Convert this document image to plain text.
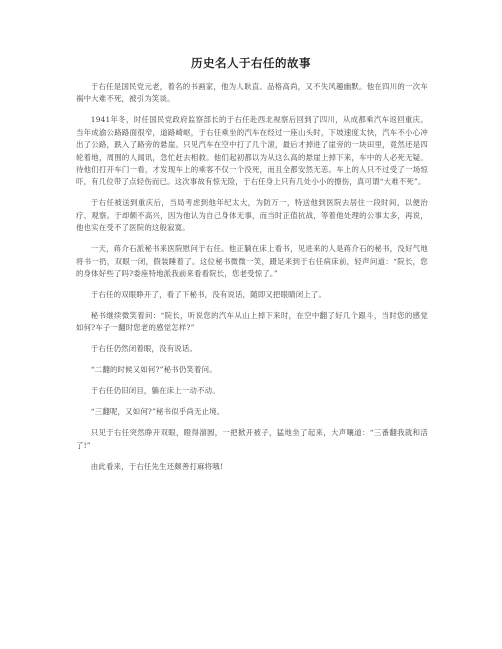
历史名人于右任的故事

于右任是国民党元老，着名的书画家，他为人耿直、品格高尚，又不失风趣幽默。他在四川的一次车祸中大难不死，被引为笑谈。

1941年冬，时任国民党政府监察部长的于右任赴西北视察后回到了四川，从成都乘汽车返回重庆。当年成渝公路路面很窄，道路崎岖，于右任乘坐的汽车在经过一座山头时，下坡速度太快，汽车不小心冲出了公路，跌入了路旁的悬崖。只见汽车在空中打了几个滚，最后才掉进了崖旁的一块田里，竟然还是四轮着地，周围的人闻讯，急忙赶去相救。他们起初都以为从这么高的悬崖上掉下来，车中的人必死无疑。待他们打开车门一看，才发现车上的乘客不仅一个没死，而且全都安然无恙。车上的人只不过受了一场惊吓，有几位带了点轻伤而已。这次事故有惊无险，于右任身上只有几处小小的擦伤，真可谓“大难不死”。

于右任被送到重庆后，当局考虑到他年纪太大，为防万一，特送他到医院去居住一段时间，以便治疗、观察。于却颇不高兴，因为他认为自己身体无事，而当时正值抗战，等着他处理的公事太多，再说，他也实在受不了医院的这般寂寞。

一天，蒋介石派秘书来医院慰问于右任。他正躺在床上看书，见进来的人是蒋介石的秘书，没好气地将书一扔，双眼一闭，假装睡着了。这位秘书微微一笑，蹑足来到于右任病床前，轻声问道：“院长，您的身体好些了吗?委座特地派我前来看看院长，您老受惊了。”

于右任的双眼睁开了，看了下秘书，没有说话，随即又把眼睛闭上了。

秘书继续微笑着问：“院长，听说您的汽车从山上掉下来时，在空中翻了好几个跟斗，当时您的感觉如何?车子一翻时您老的感觉怎样?”

于右任仍然闭着眼，没有说话。

“二翻的时候又如何?”秘书仍笑着问。

于右任仍旧闭目，躺在床上一动不动。

“三翻呢，又如何?”秘书似乎尚无止境。

只见于右任突然睁开双眼，瞪得溜圆，一把掀开被子，猛地坐了起来，大声嚷道：“三番翻我就和活了!”

由此看来，于右任先生还颇善打麻将哦!
